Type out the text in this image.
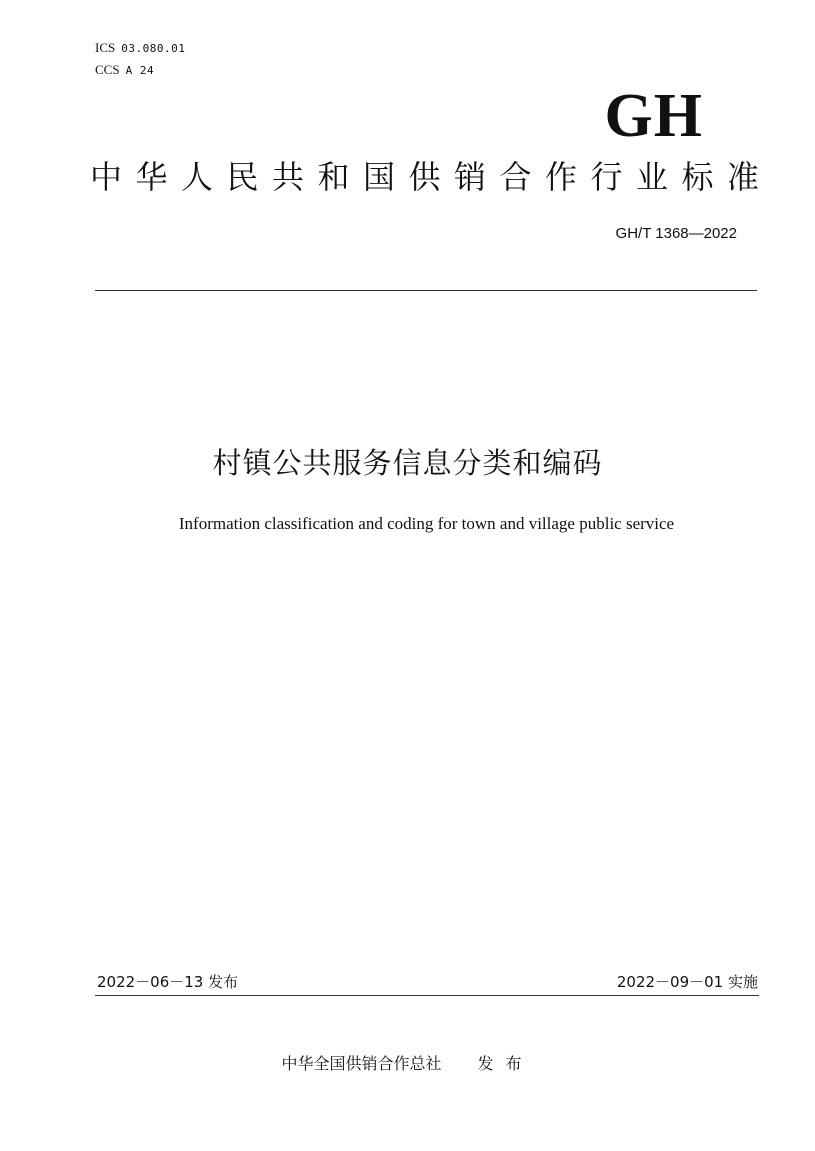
ICS 03.080.01
CCS A 24
GH
中华人民共和国供销合作行业标准
GH/T 1368—2022
村镇公共服务信息分类和编码
Information classification and coding for town and village public service
2022－06－13 发布	2022－09－01 实施
中华全国供销合作总社 发布
